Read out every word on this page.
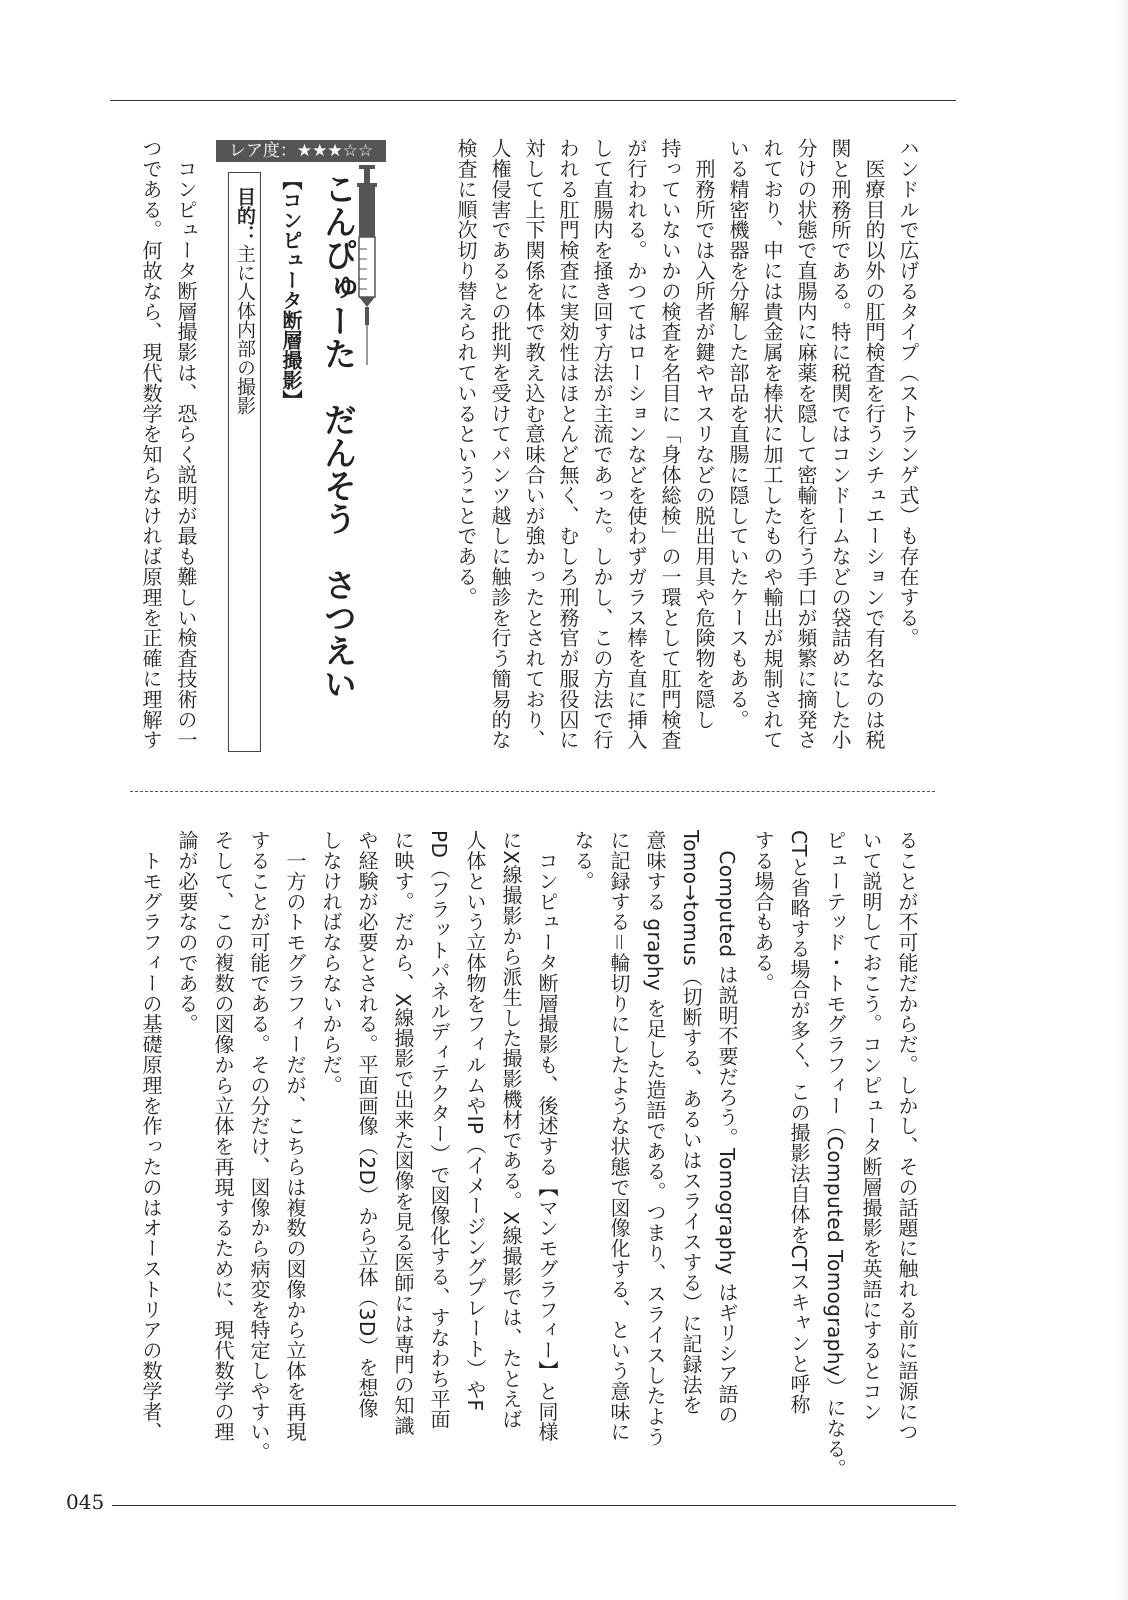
ハンドルで広げるタイプ（ストランゲ式）も存在する。
　医療目的以外の肛門検査を行うシチュエーションで有名なのは税
関と刑務所である。特に税関ではコンドームなどの袋詰めにした小
分けの状態で直腸内に麻薬を隠して密輸を行う手口が頻繁に摘発さ
れており、中には貴金属を棒状に加工したものや輸出が規制されて
いる精密機器を分解した部品を直腸に隠していたケースもある。
　刑務所では入所者が鍵やヤスリなどの脱出用具や危険物を隠し
持っていないかの検査を名目に「身体総検」の一環として肛門検査
が行われる。かつてはローションなどを使わずガラス棒を直に挿入
して直腸内を掻き回す方法が主流であった。しかし、この方法で行
われる肛門検査に実効性はほとんど無く、むしろ刑務官が服役囚に
対して上下関係を体で教え込む意味合いが強かったとされており、
人権侵害であるとの批判を受けてパンツ越しに触診を行う簡易的な
検査に順次切り替えられているということである。
レア度：★★★☆☆
こんぴゅーた　だんそう　さつえい
【コンピュータ断層撮影】
目的：主に人体内部の撮影
　コンピュータ断層撮影は、恐らく説明が最も難しい検査技術の一
つである。何故なら、現代数学を知らなければ原理を正確に理解す
ることが不可能だからだ。しかし、その話題に触れる前に語源につ
いて説明しておこう。コンピュータ断層撮影を英語にするとコン
ピューテッド・トモグラフィー（Computed Tomography）になる。
CTと省略する場合が多く、この撮影法自体をCTスキャンと呼称
する場合もある。
　Computed は説明不要だろう。Tomography はギリシア語の
Tomo→tomus（切断する、あるいはスライスする）に記録法を
意味する graphy を足した造語である。つまり、スライスしたよう
に記録する＝輪切りにしたような状態で図像化する、という意味に
なる。
　コンピュータ断層撮影も、後述する【マンモグラフィー】と同様
にX線撮影から派生した撮影機材である。X線撮影では、たとえば
人体という立体物をフィルムやIP（イメージングプレート）やF
PD（フラットパネルディテクター）で図像化する、すなわち平面
に映す。だから、X線撮影で出来た図像を見る医師には専門の知識
や経験が必要とされる。平面画像（2D）から立体（3D）を想像
しなければならないからだ。
　一方のトモグラフィーだが、こちらは複数の図像から立体を再現
することが可能である。その分だけ、図像から病変を特定しやすい。
そして、この複数の図像から立体を再現するために、現代数学の理
論が必要なのである。
　トモグラフィーの基礎原理を作ったのはオーストリアの数学者、
045
